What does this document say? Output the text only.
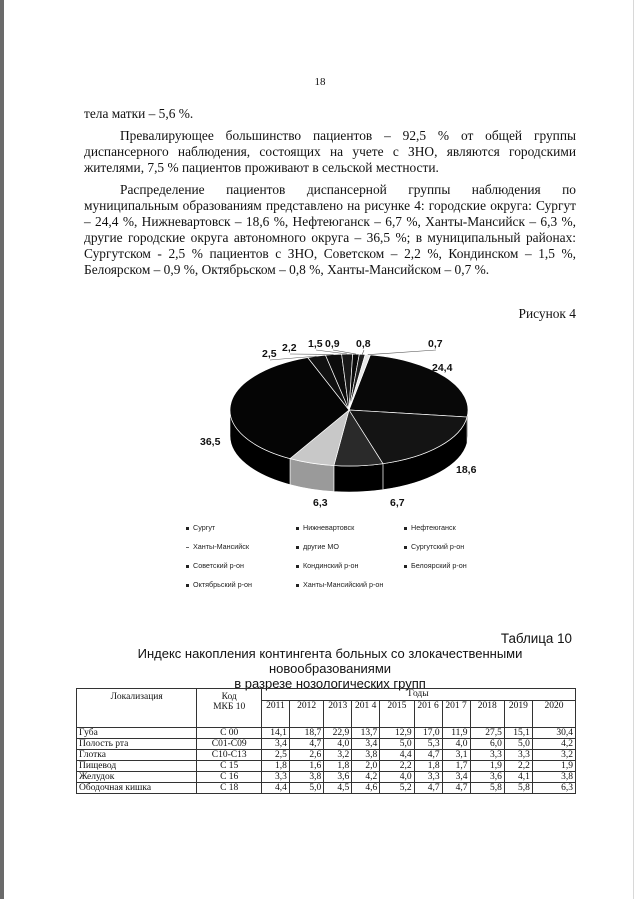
18

тела матки – 5,6 %.

Превалирующее большинство пациентов – 92,5 % от общей группы диспансерного наблюдения, состоящих на учете с ЗНО, являются городскими жителями, 7,5 % пациентов проживают в сельской местности.

Распределение пациентов диспансерной группы наблюдения по муниципальным образованиям представлено на рисунке 4: городские округа: Сургут – 24,4 %, Нижневартовск – 18,6 %, Нефтеюганск – 6,7 %, Ханты-Мансийск – 6,3 %, другие городские округа автономного округа – 36,5 %; в муниципальный районах: Сургутском - 2,5 % пациентов с ЗНО, Советском – 2,2 %, Кондинском – 1,5 %, Белоярском – 0,9 %, Октябрьском – 0,8 %, Ханты-Мансийском – 0,7 %.

Рисунок 4
24,4
18,6
6,7
6,3
36,5
2,5 2,2 1,5 0,9 0,8	0,7
Сургут	Нижневартовск	Нефтеюганск
Ханты-Мансийск	другие МО	Сургутский р-он
Советский р-он	Кондинский р-он	Белоярский р-он
Октябрьский р-он	Ханты-Мансийский р-он
Таблица 10
Индекс накопления контингента больных со злокачественными новообразованиями
в разрезе нозологических групп
Локализация	Код
МКБ 10	Годы									
		2011	2012	2013	201 4	2015	201 6	201 7	2018	2019	2020
Губа	С 00	14,1	18,7	22,9	13,7	12,9	17,0	11,9	27,5	15,1	30,4
Полость рта	С01-С09	3,4	4,7	4,0	3,4	5,0	5,3	4,0	6,0	5,0	4,2
Глотка	С10-С13	2,5	2,6	3,2	3,8	4,4	4,7	3,1	3,3	3,3	3,2
Пищевод	С 15	1,8	1,6	1,8	2,0	2,2	1,8	1,7	1,9	2,2	1,9
Желудок	С 16	3,3	3,8	3,6	4,2	4,0	3,3	3,4	3,6	4,1	3,8
Ободочная кишка	С 18	4,4	5,0	4,5	4,6	5,2	4,7	4,7	5,8	5,8	6,3
